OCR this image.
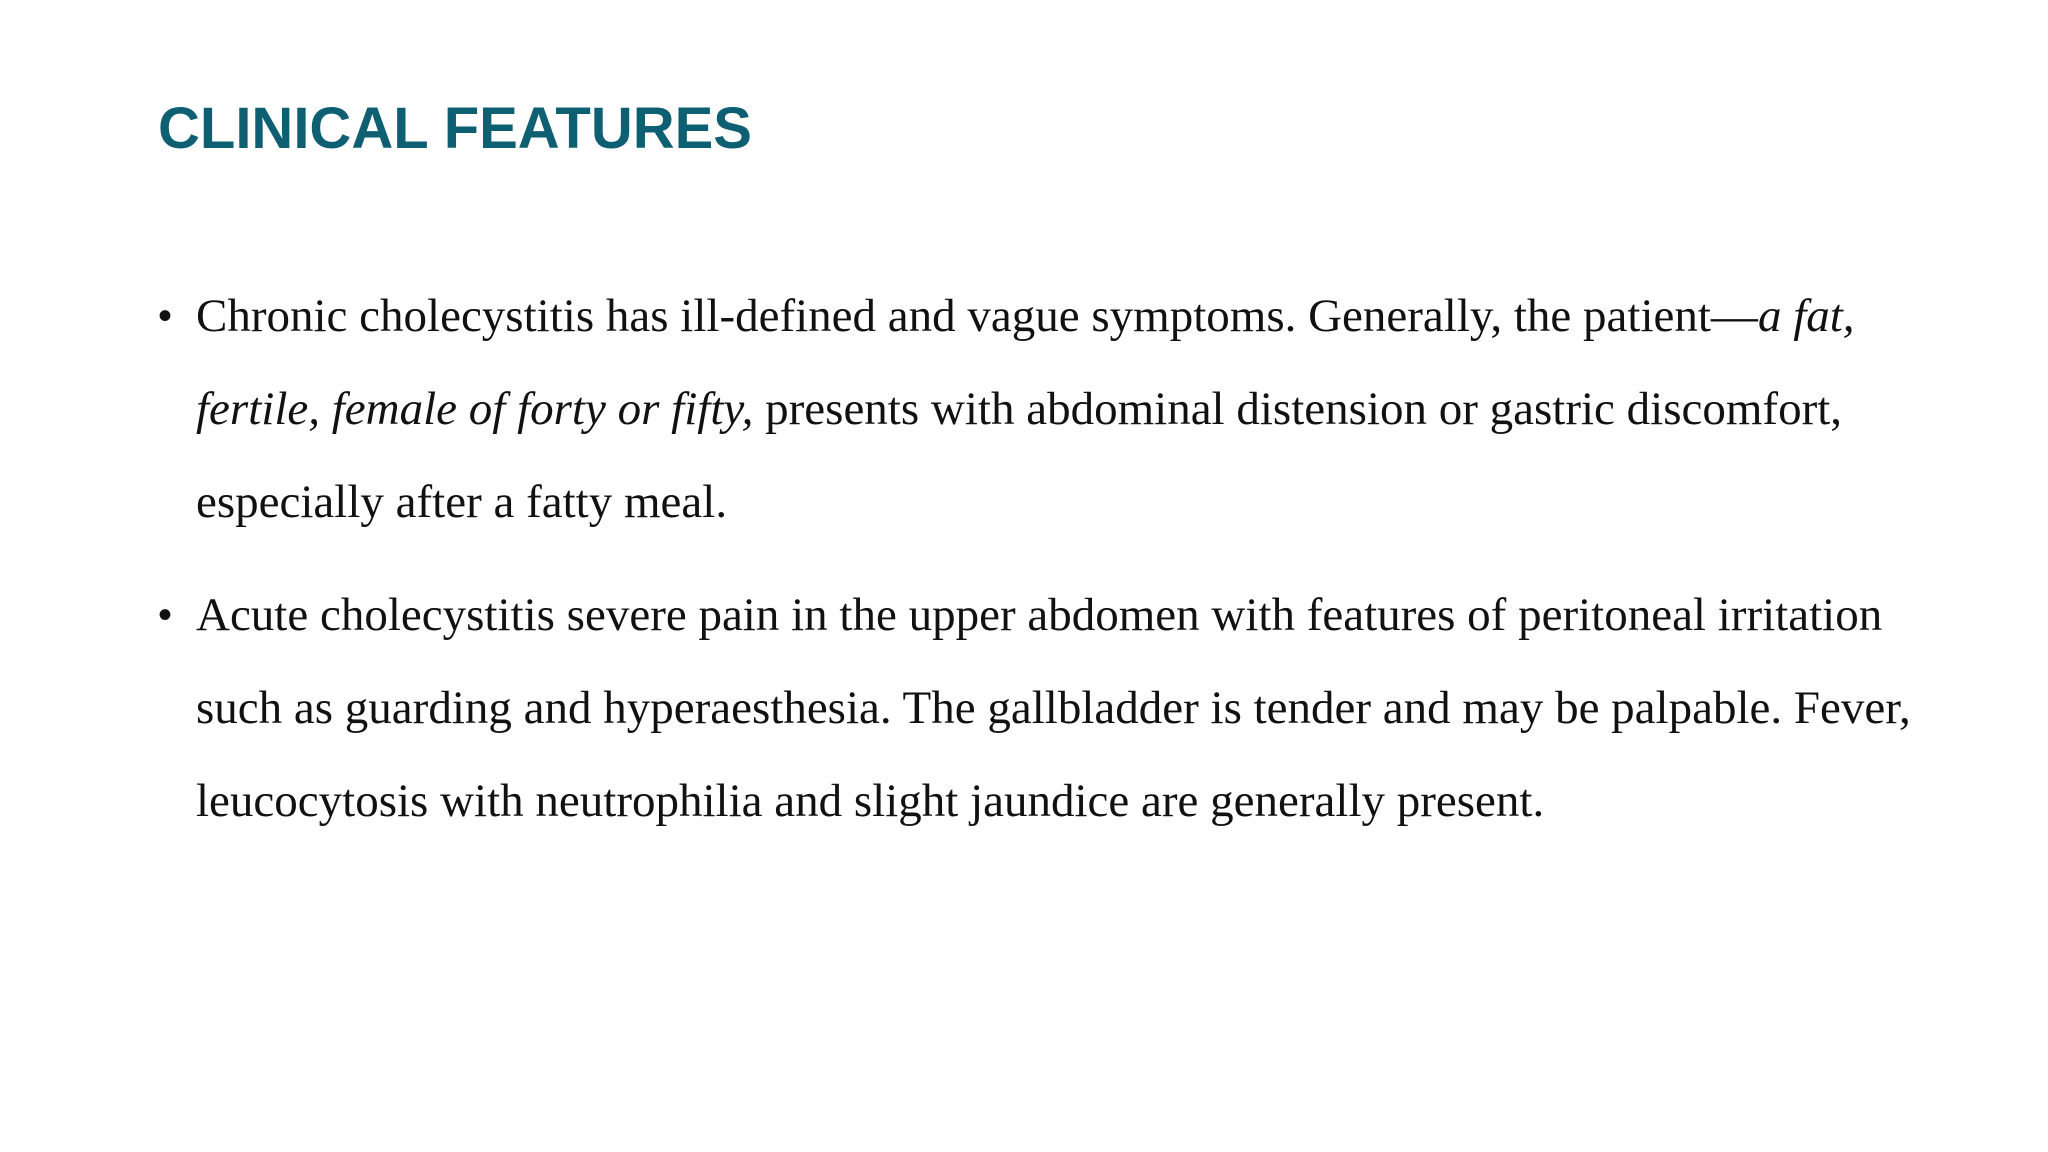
CLINICAL FEATURES
• Chronic cholecystitis has ill-defined and vague symptoms. Generally, the patient—a fat, fertile, female of forty or fifty, presents with abdominal distension or gastric discomfort, especially after a fatty meal.
• Acute cholecystitis severe pain in the upper abdomen with features of peritoneal irritation such as guarding and hyperaesthesia. The gallbladder is tender and may be palpable. Fever, leucocytosis with neutrophilia and slight jaundice are generally present.
